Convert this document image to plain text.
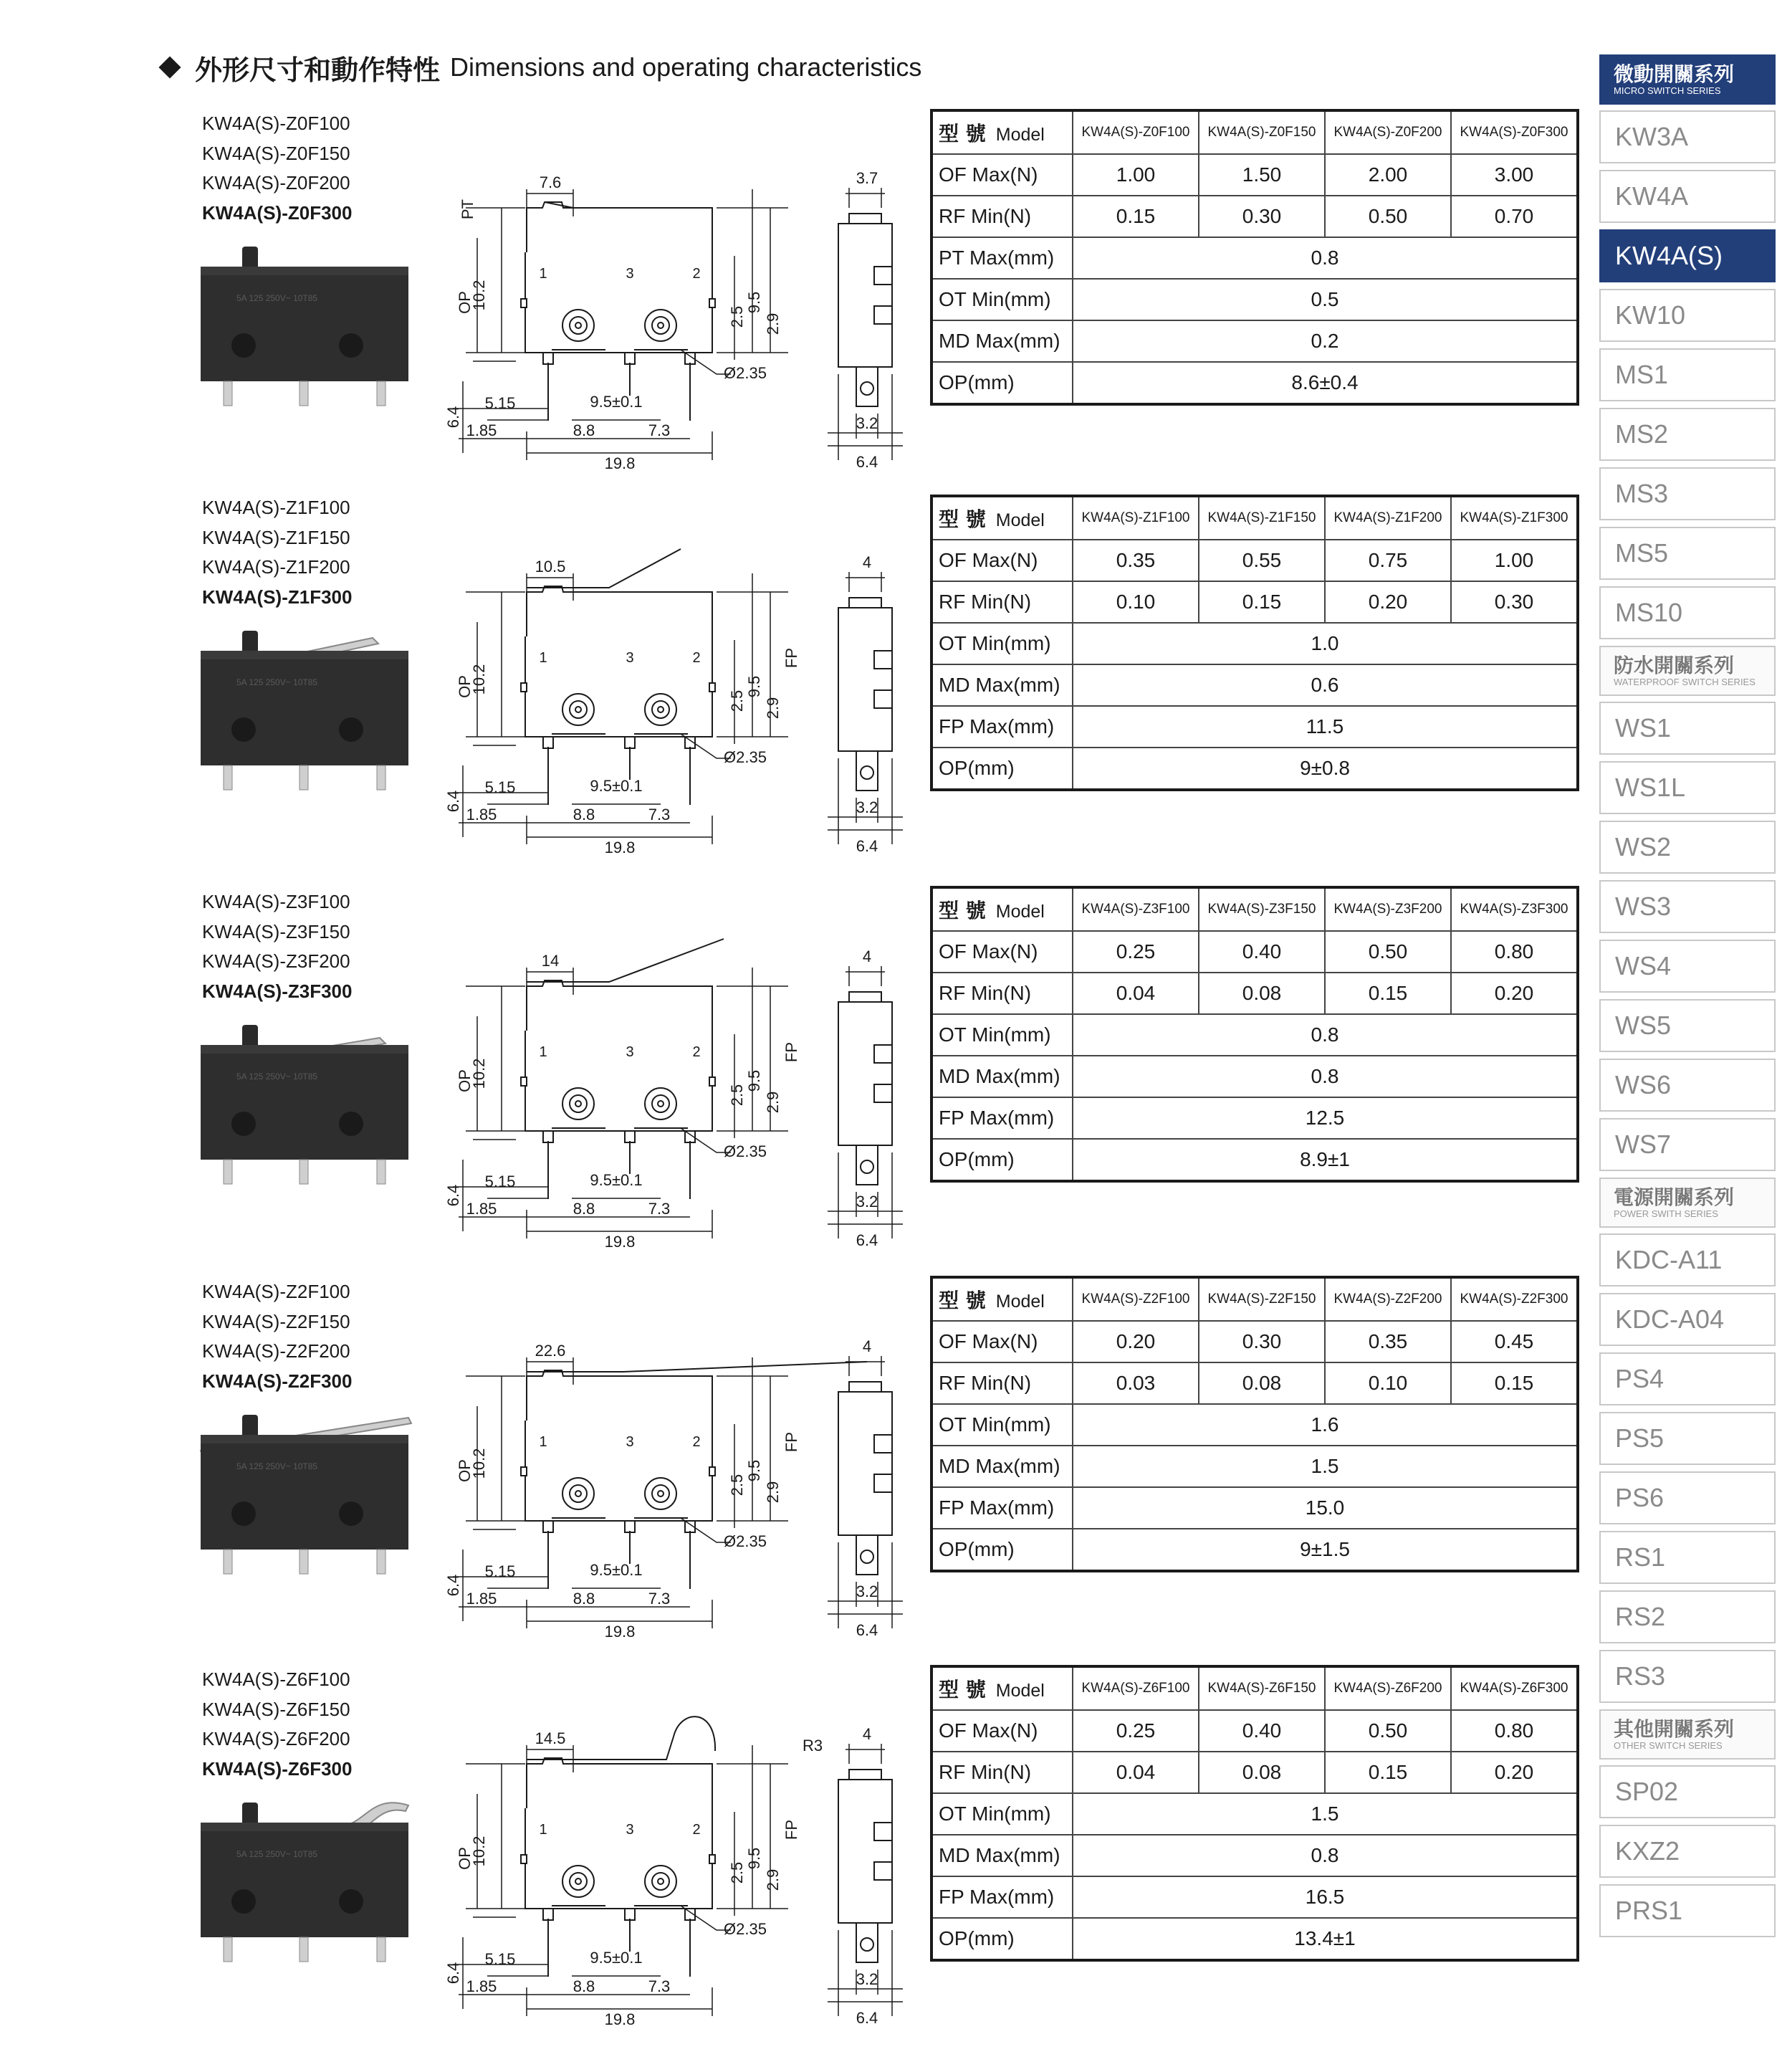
外形尺寸和動作特性 Dimensions and operating characteristics
KW4A(S)-Z0F100
KW4A(S)-Z0F150
KW4A(S)-Z0F200
KW4A(S)-Z0F300
5A 125 250V~ 10T85
1	3	2
5.15
1.85
9.5±0.1
8.8	7.3
19.8
Ø2.35
7.6
10.2
OP
6.4
2.5
9.5
2.9
PT
3.7
3.2
6.4
型 號 Model	KW4A(S)-Z0F100	KW4A(S)-Z0F150	KW4A(S)-Z0F200	KW4A(S)-Z0F300
OF Max(N)	1.00	1.50	2.00	3.00
RF Min(N)	0.15	0.30	0.50	0.70
PT Max(mm)	0.8			
OT Min(mm)	0.5			
MD Max(mm)	0.2			
OP(mm)	8.6±0.4			
KW4A(S)-Z1F100
KW4A(S)-Z1F150
KW4A(S)-Z1F200
KW4A(S)-Z1F300
5A 125 250V~ 10T85
1	3	2
5.15
1.85
9.5±0.1
8.8	7.3
19.8
Ø2.35
10.5
10.2
OP
6.4
2.5
9.5
2.9
FP
4
3.2
6.4
型 號 Model	KW4A(S)-Z1F100	KW4A(S)-Z1F150	KW4A(S)-Z1F200	KW4A(S)-Z1F300
OF Max(N)	0.35	0.55	0.75	1.00
RF Min(N)	0.10	0.15	0.20	0.30
OT Min(mm)	1.0			
MD Max(mm)	0.6			
FP Max(mm)	11.5			
OP(mm)	9±0.8			
KW4A(S)-Z3F100
KW4A(S)-Z3F150
KW4A(S)-Z3F200
KW4A(S)-Z3F300
5A 125 250V~ 10T85
1	3	2
5.15
1.85
9.5±0.1
8.8	7.3
19.8
Ø2.35
14
10.2
OP
6.4
2.5
9.5
2.9
FP
4
3.2
6.4
型 號 Model	KW4A(S)-Z3F100	KW4A(S)-Z3F150	KW4A(S)-Z3F200	KW4A(S)-Z3F300
OF Max(N)	0.25	0.40	0.50	0.80
RF Min(N)	0.04	0.08	0.15	0.20
OT Min(mm)	0.8			
MD Max(mm)	0.8			
FP Max(mm)	12.5			
OP(mm)	8.9±1			
KW4A(S)-Z2F100
KW4A(S)-Z2F150
KW4A(S)-Z2F200
KW4A(S)-Z2F300
5A 125 250V~ 10T85
1	3	2
5.15
1.85
9.5±0.1
8.8	7.3
19.8
Ø2.35
22.6
10.2
OP
6.4
2.5
9.5
2.9
FP
4
3.2
6.4
型 號 Model	KW4A(S)-Z2F100	KW4A(S)-Z2F150	KW4A(S)-Z2F200	KW4A(S)-Z2F300
OF Max(N)	0.20	0.30	0.35	0.45
RF Min(N)	0.03	0.08	0.10	0.15
OT Min(mm)	1.6			
MD Max(mm)	1.5			
FP Max(mm)	15.0			
OP(mm)	9±1.5			
KW4A(S)-Z6F100
KW4A(S)-Z6F150
KW4A(S)-Z6F200
KW4A(S)-Z6F300
5A 125 250V~ 10T85
1	3	2
5.15
1.85
9.5±0.1
8.8	7.3
19.8
Ø2.35
14.5	R3
10.2
OP
6.4
2.5
9.5
2.9
FP
4
3.2
6.4
型 號 Model	KW4A(S)-Z6F100	KW4A(S)-Z6F150	KW4A(S)-Z6F200	KW4A(S)-Z6F300
OF Max(N)	0.25	0.40	0.50	0.80
RF Min(N)	0.04	0.08	0.15	0.20
OT Min(mm)	1.5			
MD Max(mm)	0.8			
FP Max(mm)	16.5			
OP(mm)	13.4±1			
微動開關系列
MICRO SWITCH SERIES
KW3A
KW4A
KW4A(S)
KW10
MS1
MS2
MS3
MS5
MS10
防水開關系列
WATERPROOF SWITCH SERIES
WS1
WS1L
WS2
WS3
WS4
WS5
WS6
WS7
電源開關系列
POWER SWITH SERIES
KDC-A11
KDC-A04
PS4
PS5
PS6
RS1
RS2
RS3
其他開關系列
OTHER SWITCH SERIES
SP02
KXZ2
PRS1
